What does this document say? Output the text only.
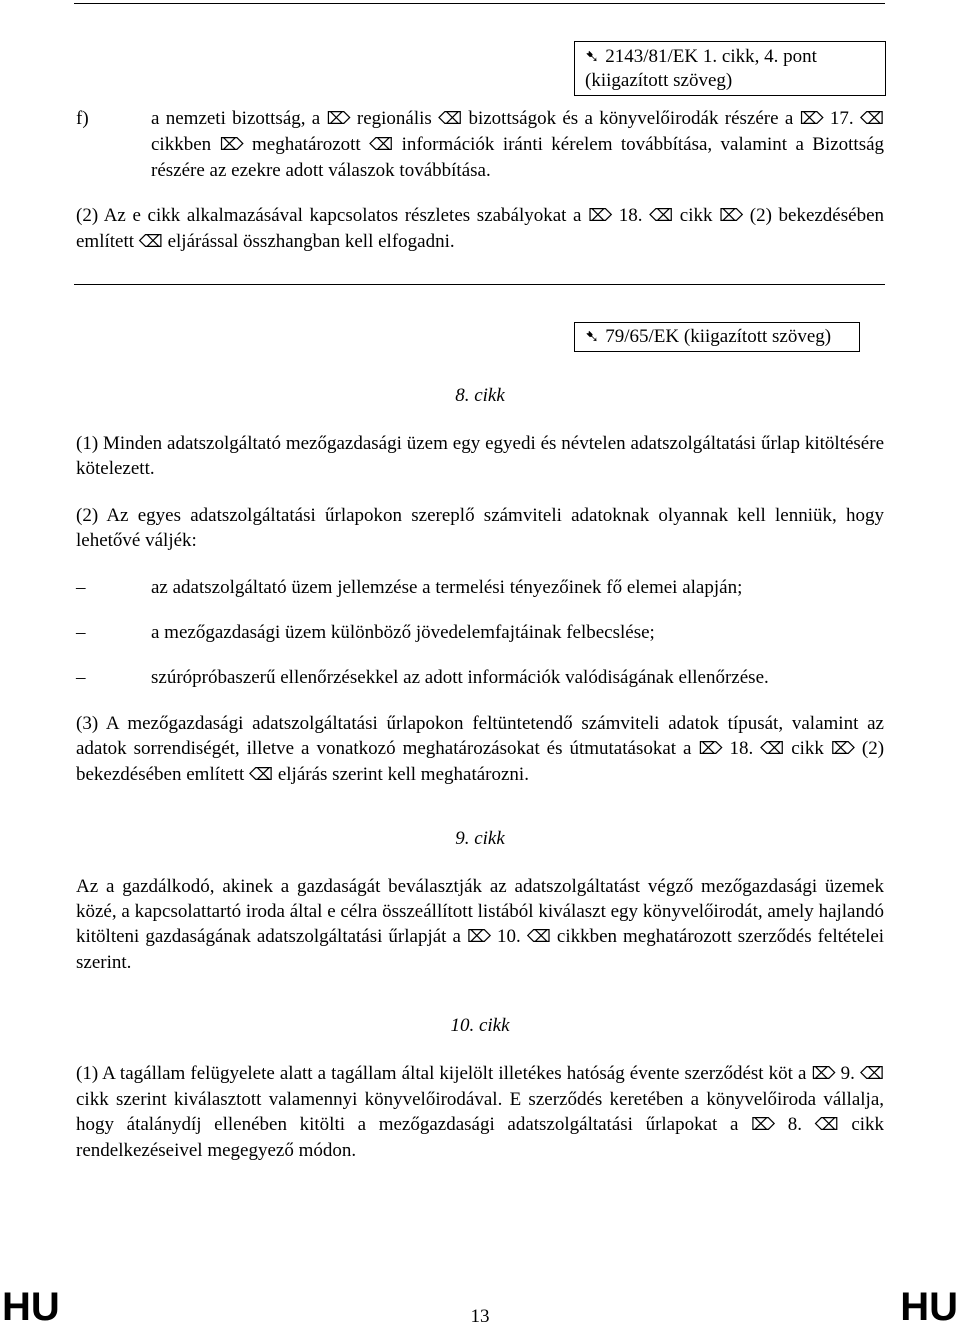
➷ 2143/81/EK 1. cikk, 4. pont
(kiigazított szöveg)
f)	a nemzeti bizottság, a ⌦ regionális ⌫ bizottságok és a könyvelőirodák részére a ⌦ 17. ⌫ cikkben ⌦ meghatározott ⌫ információk iránti kérelem továbbítása, valamint a Bizottság részére az ezekre adott válaszok továbbítása.
(2) Az e cikk alkalmazásával kapcsolatos részletes szabályokat a ⌦ 18. ⌫ cikk ⌦ (2) bekezdésében említett ⌫ eljárással összhangban kell elfogadni.
➷ 79/65/EK (kiigazított szöveg)
8. cikk
(1) Minden adatszolgáltató mezőgazdasági üzem egy egyedi és névtelen adatszolgáltatási űrlap kitöltésére kötelezett.
(2) Az egyes adatszolgáltatási űrlapokon szereplő számviteli adatoknak olyannak kell lenniük, hogy lehetővé váljék:
–	az adatszolgáltató üzem jellemzése a termelési tényezőinek fő elemei alapján;
–	a mezőgazdasági üzem különböző jövedelemfajtáinak felbecslése;
–	szúrópróbaszerű ellenőrzésekkel az adott információk valódiságának ellenőrzése.
(3) A mezőgazdasági adatszolgáltatási űrlapokon feltüntetendő számviteli adatok típusát, valamint az adatok sorrendiségét, illetve a vonatkozó meghatározásokat és útmutatásokat a ⌦ 18. ⌫ cikk ⌦ (2) bekezdésében említett ⌫ eljárás szerint kell meghatározni.
9. cikk
Az a gazdálkodó, akinek a gazdaságát beválasztják az adatszolgáltatást végző mezőgazdasági üzemek közé, a kapcsolattartó iroda által e célra összeállított listából kiválaszt egy könyvelőirodát, amely hajlandó kitölteni gazdaságának adatszolgáltatási űrlapját a ⌦ 10. ⌫ cikkben meghatározott szerződés feltételei szerint.
10. cikk
(1) A tagállam felügyelete alatt a tagállam által kijelölt illetékes hatóság évente szerződést köt a ⌦ 9. ⌫ cikk szerint kiválasztott valamennyi könyvelőirodával. E szerződés keretében a könyvelőiroda vállalja, hogy átalánydíj ellenében kitölti a mezőgazdasági adatszolgáltatási űrlapokat a ⌦ 8. ⌫ cikk rendelkezéseivel megegyező módon.
HU	13	HU
